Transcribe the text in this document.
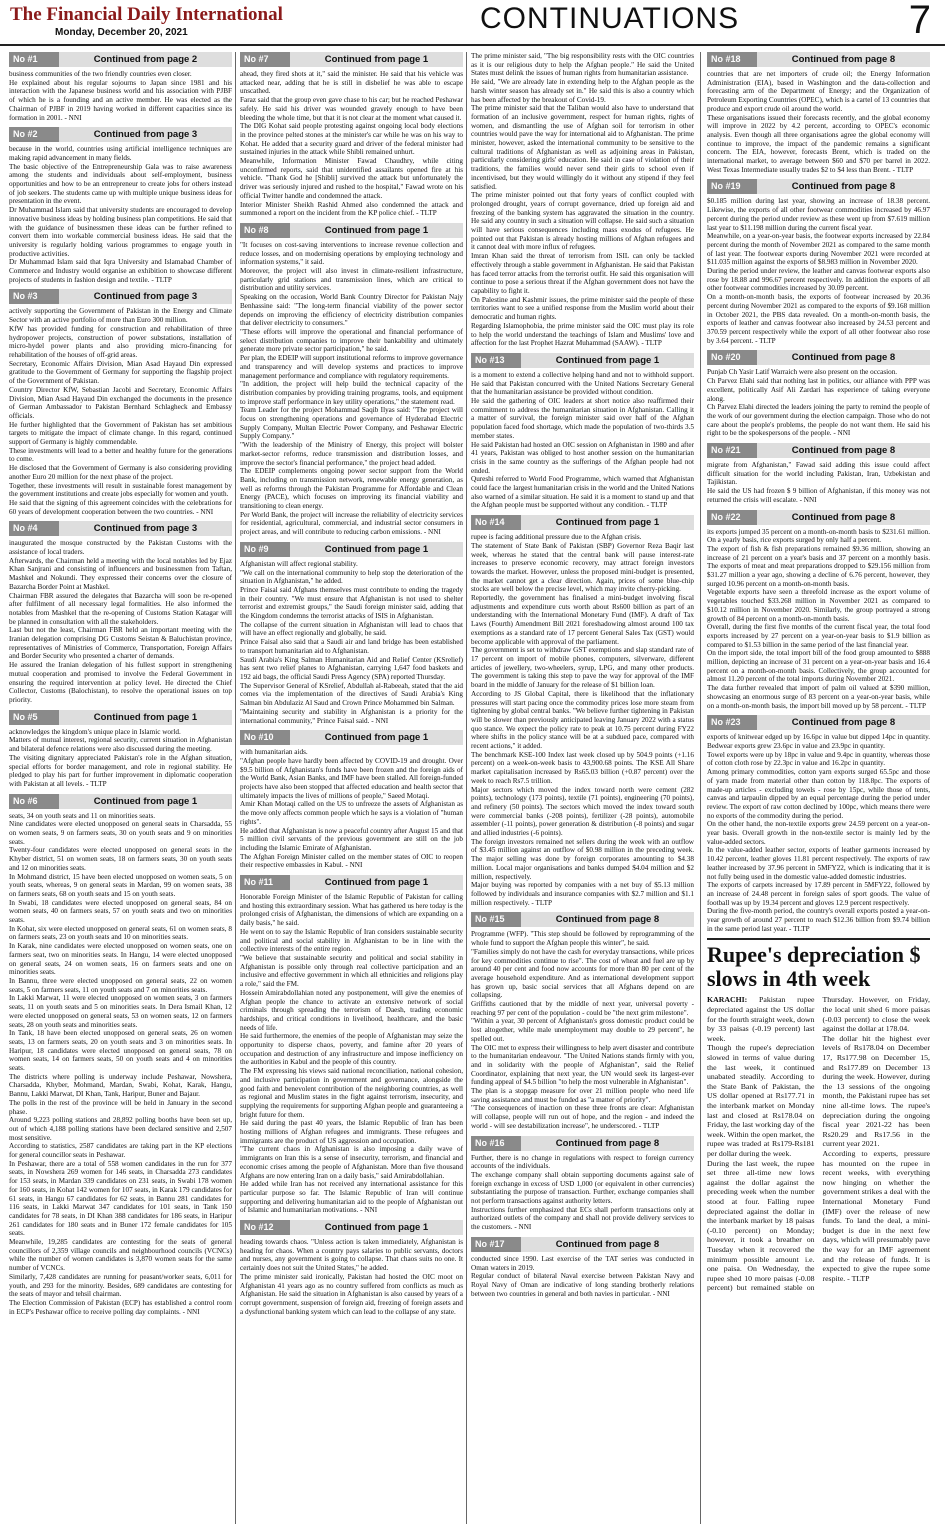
The Financial Daily International
Monday, December 20, 2021	CONTINUATIONS	7
No #1	Continued from page 2

business communities of the two friendly countries even closer.
He explained about his regular sojourns to Japan since 1981 and his interaction with the Japanese business world and his association with PJBF of which he is a founding and an active member. He was elected as the Chairman of PJBF in 2019 having worked in different capacities since its formation in 2001. - NNI

No #2	Continued from page 3

because in the world, countries using artificial intelligence techniques are making rapid advancement in many fields.
The basic objective of the Entrepreneurship Gala was to raise awareness among the students and individuals about self-employment, business opportunities and how to be an entrepreneur to create jobs for others instead of job seekers. The students came up with multiple unique business ideas for presentation in the event.
Dr Muhammad Islam said that university students are encouraged to develop innovative business ideas by holding business plan competitions. He said that with the guidance of businessmen these ideas can be further refined to convert them into workable commercial business ideas. He said that the university is regularly holding various programmes to engage youth in productive activities.
Dr Muhammad Islam said that Iqra University and Islamabad Chamber of Commerce and Industry would organise an exhibition to showcase different projects of students in fashion design and textile. - TLTP

No #3	Continued from page 3

actively supporting the Government of Pakistan in the Energy and Climate Sector with an active portfolio of more than Euro 300 million.
KfW has provided funding for construction and rehabilitation of three hydropower projects, construction of power substations, installation of micro-hydel power plants and also providing micro-financing for rehabilitation of the houses of off-grid areas.
Secretary, Economic Affairs Division, Mian Asad Hayaud Din expressed gratitude to the Government of Germany for supporting the flagship project of the Government of Pakistan.
Country Director KfW, Sebastian Jacobi and Secretary, Economic Affairs Division, Mian Asad Hayaud Din exchanged the documents in the presence of German Ambassador to Pakistan Bernhard Schlagheck and Embassy officials.
He further highlighted that the Government of Pakistan has set ambitious targets to mitigate the impact of climate change. In this regard, continued support of Germany is highly commendable.
These investments will lead to a better and healthy future for the generations to come.
He disclosed that the Government of Germany is also considering providing another Euro 20 million for the next phase of the project.
Together, these investments will result in sustainable forest management by the government institutions and create jobs especially for women and youth.
He said that the signing of this agreement coincides with the celebrations for 60 years of development cooperation between the two countries. - NNI

No #4	Continued from page 3

inaugurated the mosque constructed by the Pakistan Customs with the assistance of local traders.
Afterwards, the Chairman held a meeting with the local notables led by Ejaz Khan Sanjrani and consisting of influencers and businessmen from Taftan, Mashkel and Nokundi. They expressed their concerns over the closure of Bazarcha Border Point at Mashkel.
Chairman FBR assured the delegates that Bazarcha will soon be re-opened after fulfilment of all necessary legal formalities. He also informed the notables from Mashkel that the re-opening of Customs Station Katagar will be planned in consultation with all the stakeholders.
Last but not the least, Chairman FBR held an important meeting with the Iranian delegation comprising DG Customs Seistan & Baluchistan province, representatives of Ministries of Commerce, Transportation, Foreign Affairs and Border Security who presented a charter of demands.
He assured the Iranian delegation of his fullest support in strengthening mutual cooperation and promised to involve the Federal Government in ensuring the required intervention at policy level. He directed the Chief Collector, Customs (Balochistan), to resolve the operational issues on top priority.

No #5	Continued from page 1

acknowledges the kingdom's unique place in Islamic world.
Matters of mutual interest, regional security, current situation in Afghanistan and bilateral defence relations were also discussed during the meeting.
The visiting dignitary appreciated Pakistan's role in the Afghan situation, special efforts for border management, and role in regional stability. He pledged to play his part for further improvement in diplomatic cooperation with Pakistan at all levels. - TLTP

No #6	Continued from page 1

seats, 34 on youth seats and 11 on minorities seats.
Nine candidates were elected unopposed on general seats in Charsadda, 55 on women seats, 9 on farmers seats, 30 on youth seats and 9 on minorities seats.
Twenty-four candidates were elected unopposed on general seats in the Khyber district, 51 on women seats, 18 on farmers seats, 30 on youth seats and 12 on minorities seats.
In Mohmand district, 15 have been elected unopposed on women seats, 5 on youth seats, whereas, 9 on general seats in Mardan, 99 on women seats, 38 on farmers seats, 68 on youth seats and 15 on youth seats.
In Swabi, 18 candidates were elected unopposed on general seats, 84 on women seats, 40 on farmers seats, 57 on youth seats and two on minorities seats.
In Kohat, six were elected unopposed on general seats, 61 on women seats, 8 on farmers seats, 23 on youth seats and 10 on minorities seats.
In Karak, nine candidates were elected unopposed on women seats, one on farmers seat, two on minorities seats. In Hangu, 14 were elected unopposed on general seats, 24 on women seats, 16 on farmers seats and one on minorities seats.
In Bannu, three were elected unopposed on general seats, 22 on women seats, 5 on farmers seats, 11 on youth seats and 7 on minorities seats.
In Lakki Marwat, 11 were elected unopposed on women seats, 3 on farmers seats, 11 on youth seats and 5 on minorities seats. In Dera Ismail Khan, 12 were elected unopposed on general seats, 53 on women seats, 12 on farmers seats, 28 on youth seats and minorities seats.
In Tank, 18 have been elected unopposed on general seats, 26 on women seats, 13 on farmers seats, 20 on youth seats and 3 on minorities seats. In Haripur, 18 candidates were elected unopposed on general seats, 78 on women seats, 14 on farmers seats, 50 on youth seats and 4 on minorities seats.
The districts where polling is underway include Peshawar, Nowshera, Charsadda, Khyber, Mohmand, Mardan, Swabi, Kohat, Karak, Hangu, Bannu, Lakki Marwat, DI Khan, Tank, Haripur, Buner and Bajaur.
The polls in the rest of the province will be held in January in the second phase.
Around 9,223 polling stations and 28,892 polling booths have been set up, out of which 4,188 polling stations have been declared sensitive and 2,507 most sensitive.
According to statistics, 2587 candidates are taking part in the KP elections for general councillor seats in Peshawar.
In Peshawar, there are a total of 558 women candidates in the run for 377 seats, in Nowshera 269 women for 146 seats, in Charsadda 273 candidates for 153 seats, in Mardan 339 candidates on 231 seats, in Swabi 178 women for 160 seats, in Kohat 142 women for 107 seats, in Karak 179 candidates for 61 seats, in Hangu 67 candidates for 62 seats, in Bannu 281 candidates for 116 seats, in Lakki Marwat 347 candidates for 101 seats, in Tank 150 candidates for 78 seats, in DI Khan 388 candidates for 186 seats, in Haripur 261 candidates for 180 seats and in Buner 172 female candidates for 105 seats.
Meanwhile, 19,285 candidates are contesting for the seats of general councillors of 2,359 village councils and neighbourhood councils (VCNCs) while the number of women candidates is 3,870 women seats for the same number of VCNCs.
Similarly, 7,428 candidates are running for peasant/worker seats, 6,011 for youth, and 293 for the minority. Besides, 689 candidates are contesting for the seats of mayor and tehsil chairman.
The Election Commission of Pakistan (ECP) has established a control room in ECP's Peshawar office to receive polling day complaints. - NNI

No #7	Continued from page 1

ahead, they fired shots at it," said the minister. He said that his vehicle was attacked near, adding that he is still in disbelief he was able to escape unscathed.
Faraz said that the group even gave chase to his car; but he reached Peshawar safely. He said his driver was wounded gravely enough to have been bleeding the whole time, but that it is not clear at the moment what caused it.
The DIG Kohat said people protesting against ongoing local body elections in the province pelted stones at the minister's car while he was on his way to Kohat. He added that a security guard and driver of the federal minister had sustained injuries in the attack while Shibli remained unhurt.
Meanwhile, Information Minister Fawad Chaudhry, while citing unconfirmed reports, said that unidentified assailants opened fire at his vehicle. "Thank God he [Shibli] survived the attack but unfortunately the driver was seriously injured and rushed to the hospital," Fawad wrote on his official Twitter handle and condemned the attack.
Interior Minister Sheikh Rashid Ahmed also condemned the attack and summoned a report on the incident from the KP police chief. - TLTP

No #8	Continued from page 1

"It focuses on cost-saving interventions to increase revenue collection and reduce losses, and on modernising operations by employing technology and information systems," it said.
Moreover, the project will also invest in climate-resilient infrastructure, particularly grid stations and transmission lines, which are critical to distribution and utility services.
Speaking on the occasion, World Bank Country Director for Pakistan Najy Benhassine said: "The long-term financial viability of the power sector depends on improving the efficiency of electricity distribution companies that deliver electricity to consumers."
"These efforts will improve the operational and financial performance of select distribution companies to improve their bankability and ultimately generate more private sector participation," he said.
Per plan, the EDEIP will support institutional reforms to improve governance and transparency and will develop systems and practices to improve management performance and compliance with regulatory requirements.
"In addition, the project will help build the technical capacity of the distribution companies by providing training programs, tools, and equipment to improve staff performance in key utility operations," the statement read.
Team Leader for the project Mohammad Saqib Ilyas said: "The project will focus on strengthening operations and governance of Hyderabad Electric Supply Company, Multan Electric Power Company, and Peshawar Electric Supply Company."
"With the leadership of the Ministry of Energy, this project will bolster market-sector reforms, reduce transmission and distribution losses, and improve the sector's financial performance," the project head added.
The EDEIP complements ongoing power sector support from the World Bank, including on transmission network, renewable energy generation, as well as reforms through the Pakistan Programme for Affordable and Clean Energy (PACE), which focuses on improving its financial viability and transitioning to clean energy.
Per World Bank, the project will increase the reliability of electricity services for residential, agricultural, commercial, and industrial sector consumers in project areas, and will contribute to reducing carbon emissions. - NNI

No #9	Continued from page 1

Afghanistan will affect regional stability.
"We call on the international community to help stop the deterioration of the situation in Afghanistan," he added.
Prince Faisal said Afghans themselves must contribute to ending the tragedy in their country. "We must ensure that Afghanistan is not used to shelter terrorist and extremist groups," the Saudi foreign minister said, adding that the Kingdom condemns the terrorist attacks of ISIS in Afghanistan.
The collapse of the current situation in Afghanistan will lead to chaos that will have an effect regionally and globally, he said.
Prince Faisal also said that a Saudi air and land bridge has been established to transport humanitarian aid to Afghanistan.
Saudi Arabia's King Salman Humanitarian Aid and Relief Center (KSrelief) has sent two relief planes to Afghanistan, carrying 1,647 food baskets and 192 aid bags, the official Saudi Press Agency (SPA) reported Thursday.
The Supervisor General of KSrelief, Abdullah al-Rabeeah, stated that the aid comes via the implementation of the directives of Saudi Arabia's King Salman bin Abdulaziz Al Saud and Crown Prince Mohammed bin Salman.
"Maintaining security and stability in Afghanistan is a priority for the international community," Prince Faisal said. - NNI

No #10	Continued from page 1

with humanitarian aids.
"Afghan people have hardly been affected by COVID-19 and drought. Over $9.5 billion of Afghanistan's funds have been frozen and the foreign aids of the World Bank, Asian Banks, and IMF have been stalled. All foreign-funded projects have also been stopped that affected education and health sector that ultimately impacts the lives of millions of people," Saeed Motaqi.
Amir Khan Motaqi called on the US to unfreeze the assets of Afghanistan as the move only affects common people which he says is a violation of "human rights".
He added that Afghanistan is now a peaceful country after August 15 and that 5 million civil servants of the previous government are still on the job including the Islamic Emirate of Afghanistan.
The Afghan Foreign Minister called on the member states of OIC to reopen their respective embassies in Kabul. - NNI

No #11	Continued from page 1

Honorable Foreign Minister of the Islamic Republic of Pakistan for calling and hosting this extraordinary session. What has gathered us here today is the prolonged crisis of Afghanistan, the dimensions of which are expanding on a daily basis," he said.
He went on to say the Islamic Republic of Iran considers sustainable security and political and social stability in Afghanistan to be in line with the collective interests of the entire region.
"We believe that sustainable security and political and social stability in Afghanistan is possible only through real collective participation and an inclusive and effective government in which all ethnicities and religions play a role," said the FM.
Hossein Amirabdollahian noted any postponement, will give the enemies of Afghan people the chance to activate an extensive network of social criminals through spreading the terrorism of Daesh, trading economic hardships, and critical conditions in livelihood, healthcare, and the basic needs of life.
He said furthermore, the enemies of the people of Afghanistan may seize the opportunity to disperse chaos, poverty, and famine after 20 years of occupation and destruction of any infrastructure and impose inefficiency on the authorities in Kabul and the people of this country.
The FM expressing his views said national reconciliation, national cohesion, and inclusive participation in government and governance, alongside the good faith and benevolent contribution of the neighboring countries, as well as regional and Muslim states in the fight against terrorism, insecurity, and supplying the requirements for supporting Afghan people and guaranteeing a bright future for them.
He said during the past 40 years, the Islamic Republic of Iran has been hosting millions of Afghan refugees and immigrants. These refugees and immigrants are the product of US aggression and occupation.
"The current chaos in Afghanistan is also imposing a daily wave of immigrants on Iran this is a sense of insecurity, terrorism, and financial and economic crises among the people of Afghanistan. More than five thousand Afghans are now entering Iran on a daily basis," said Amirabdollahian.
He added while Iran has not received any international assistance for this particular purpose so far. The Islamic Republic of Iran will continue supporting and delivering humanitarian aid to the people of Afghanistan out of Islamic and humanitarian motivations. - NNI

No #12	Continued from page 1

heading towards chaos. "Unless action is taken immediately, Afghanistan is heading for chaos. When a country pays salaries to public servants, doctors and nurses, any government is going to collapse. That chaos suits no one. It certainly does not suit the United States," he added.
The prime minister said ironically, Pakistan had hosted the OIC moot on Afghanistan 41 years ago as no country suffered from conflicts as much as Afghanistan. He said the situation in Afghanistan is also caused by years of a corrupt government, suspension of foreign aid, freezing of foreign assets and a dysfunctional banking system which can lead to the collapse of any state.

The prime minister said, "The big responsibility rests with the OIC countries as it is our religious duty to help the Afghan people." He said the United States must delink the issues of human rights from humanitarian assistance.
He said, "We are already late in extending help to the Afghan people as the harsh winter season has already set in." He said this is also a country which has been affected by the breakout of Covid-19.
The prime minister said that the Taliban would also have to understand that formation of an inclusive government, respect for human rights, rights of women, and dismantling the use of Afghan soil for terrorism in other countries would pave the way for international aid to Afghanistan. The prime minister, however, asked the international community to be sensitive to the cultural traditions of Afghanistan as well as adjoining areas in Pakistan, particularly considering girls' education. He said in case of violation of their traditions, the families would never send their girls to school even if incentivised, but they would willingly do it without any stipend if they feel satisfied.
The prime minister pointed out that forty years of conflict coupled with prolonged drought, years of corrupt governance, dried up foreign aid and freezing of the banking system has aggravated the situation in the country. He said any country in such a situation will collapse. He said such a situation will have serious consequences including mass exodus of refugees. He pointed out that Pakistan is already hosting millions of Afghan refugees and it cannot deal with more influx of refugees.
Imran Khan said the threat of terrorism from ISIL can only be tackled effectively through a stable government in Afghanistan. He said that Pakistan has faced terror attacks from the terrorist outfit. He said this organisation will continue to pose a serious threat if the Afghan government does not have the capability to fight it.
On Palestine and Kashmir issues, the prime minister said the people of these territories want to see a unified response from the Muslim world about their democratic and human rights.
Regarding Islamophobia, the prime minister said the OIC must play its role to help the world understand the teachings of Islam and Muslims' love and affection for the last Prophet Hazrat Muhammad (SAAW). - TLTP

No #13	Continued from page 1

is a moment to extend a collective helping hand and not to withhold support. He said that Pakistan concurred with the United Nations Secretary General that the humanitarian assistance be provided without condition.
He said the gathering of OIC leaders at short notice also reaffirmed their commitment to address the humanitarian situation in Afghanistan. Calling it a matter of survival, the foreign minister said over half of the Afghan population faced food shortage, which made the population of two-thirds 3.5 member states.
He said Pakistan had hosted an OIC session on Afghanistan in 1980 and after 41 years, Pakistan was obliged to host another session on the humanitarian crisis in the same country as the sufferings of the Afghan people had not ended.
Qureshi referred to World Food Programme, which warned that Afghanistan could face the largest humanitarian crisis in the world and the United Nations also warned of a similar situation. He said it is a moment to stand up and that the Afghan people must be supported without any condition. - TLTP

No #14	Continued from page 1

rupee is facing additional pressure due to the Afghan crisis.
The statement of State Bank of Pakistan (SBP) Governor Reza Baqir last week, whereas he stated that the central bank will pause interest-rate increases to preserve economic recovery, may attract foreign investors towards the market. However, unless the proposed mini-budget is presented, the market cannot get a clear direction. Again, prices of some blue-chip stocks are well below the precise level, which may invite cherry-picking.
Reportedly, the government has finalised a mini-budget involving fiscal adjustments and expenditure cuts worth about Rs600 billion as part of an understanding with the International Monetary Fund (IMF). A draft of Tax Laws (Fourth) Amendment Bill 2021 foreshadowing almost around 100 tax exemptions as a standard rate of 17 percent General Sales Tax (GST) would become applicable with approval of the parliament.
The government is set to withdraw GST exemptions and slap standard rate of 17 percent on import of mobile phones, computers, silverware, different articles of jewellery, two-wheelers, syrup, LPG, and many other products. The government is taking this step to pave the way for approval of the IMF board in the middle of January for the release of $1 billion loan.
According to JS Global Capital, there is likelihood that the inflationary pressures will start pacing once the commodity prices lose more steam from tightening by global central banks. "We believe further tightening in Pakistan will be slower than previously anticipated leaving January 2022 with a status quo stance. We expect the policy rate to peak at 10.75 percent during FY22 where shifts in the policy stance will be at a subdued pace, compared with recent actions," it added.
The benchmark KSE-100 Index last week closed up by 504.9 points (+1.16 percent) on a week-on-week basis to 43,900.68 points. The KSE All Share market capitalisation increased by Rs65.03 billion (+0.87 percent) over the week to reach Rs7.5 trillion.
Major sectors which moved the index toward north were cement (282 points), technology (173 points), textile (71 points), engineering (70 points), and refinery (50 points). The sectors which moved the index toward south were commercial banks (-208 points), fertilizer (-28 points), automobile assembler (-11 points), power generation & distribution (-8 points) and sugar and allied industries (-6 points).
The foreign investors remained net sellers during the week with an outflow of $3.45 million against an outflow of $0.98 million in the preceding week. The major selling was done by foreign corporates amounting to $4.38 million. Local major organisations and banks dumped $4.04 million and $2 million, respectively.
Major buying was reported by companies with a net buy of $5.13 million followed by individuals and insurance companies with $2.7 million and $1.1 million respectively. - TLTP

No #15	Continued from page 8

Programme (WFP). "This step should be followed by reprogramming of the whole fund to support the Afghan people this winter", he said.
"Families simply do not have the cash for everyday transactions, while prices for key commodities continue to rise". The cost of wheat and fuel are up by around 40 per cent and food now accounts for more than 80 per cent of the average household expenditure. And as international development support has grown up, basic social services that all Afghans depend on are collapsing.
Griffiths cautioned that by the middle of next year, universal poverty - reaching 97 per cent of the population - could be "the next grim milestone".
"Within a year, 30 percent of Afghanistan's gross domestic product could be lost altogether, while male unemployment may double to 29 percent", he spelled out.
The OIC met to express their willingness to help avert disaster and contribute to the humanitarian endeavour. "The United Nations stands firmly with you, and in solidarity with the people of Afghanistan", said the Relief Coordinator, explaining that next year, the UN would seek its largest-ever funding appeal of $4.5 billion "to help the most vulnerable in Afghanistan".
The plan is a stopgap measure for over 21 million people who need life saving assistance and must be funded as "a matter of priority".
"The consequences of inaction on these three fronts are clear: Afghanistan will collapse, people will run out of hope, and the region - and indeed the world - will see destabilization increase", he underscored. - TLTP

No #16	Continued from page 8

Further, there is no change in regulations with respect to foreign currency accounts of the individuals.
The exchange company shall obtain supporting documents against sale of foreign exchange in excess of USD 1,000 (or equivalent in other currencies) substantiating the purpose of transaction. Further, exchange companies shall not perform transactions against authority letters.
Instructions further emphasized that ECs shall perform transactions only at authorized outlets of the company and shall not provide delivery services to the customers. - NNI

No #17	Continued from page 8

conducted since 1990. Last exercise of the TAT series was conducted in Oman waters in 2019.
Regular conduct of bilateral Naval exercise between Pakistan Navy and Royal Navy of Oman are indicative of long standing brotherly relations between two countries in general and both navies in particular. - NNI

No #18	Continued from page 8

countries that are net importers of crude oil; the Energy Information Administration (EIA), based in Washington and the data-collection and forecasting arm of the Department of Energy; and the Organization of Petroleum Exporting Countries (OPEC), which is a cartel of 13 countries that produce and export crude oil around the world.
These organisations issued their forecasts recently, and the global economy will improve in 2022 by 4.2 percent, according to OPEC's economic analysis. Even though all three organisations agree the global economy will continue to improve, the impact of the pandemic remains a significant concern. The EIA, however, forecasts Brent, which is traded on the international market, to average between $60 and $70 per barrel in 2022. West Texas Intermediate usually trades $2 to $4 less than Brent. - TLTP

No #19	Continued from page 8

$0.185 million during last year, showing an increase of 18.38 percent. Likewise, the exports of all other footwear commodities increased by 46.97 percent during the period under review as these went up from $7.619 million last year to $11.198 million during the current fiscal year.
Meanwhile, on a year-on-year basis, the footwear exports increased by 22.84 percent during the month of November 2021 as compared to the same month of last year. The footwear exports during November 2021 were recorded at $11.035 million against the exports of $8.983 million in November 2020.
During the period under review, the leather and canvas footwear exports also rose by 18.88 and 996.67 percent respectively. In addition the exports of all other footwear commodities increased by 30.09 percent.
On a month-on-month basis, the exports of footwear increased by 20.36 percent during November 2021 as compared to the exports of $9.168 million in October 2021, the PBS data revealed. On a month-on-month basis, the exports of leather and canvas footwear also increased by 24.53 percent and 370.59 percent respectively while the export of all other footwear also rose by 3.64 percent. - TLTP

No #20	Continued from page 8

Punjab Ch Yasir Latif Warraich were also present on the occasion.
Ch Parvez Elahi said that nothing last in politics, our alliance with PPP was excellent, politically Asif Ali Zardari has experience of taking everyone along.
Ch Parvez Elahi directed the leaders joining the party to remind the people of the work of our government during the election campaign. Those who do not care about the people's problems, the people do not want them. He said his right to be the spokespersons of the people. - NNI

No #21	Continued from page 8

migrate from Afghanistan," Fawad said adding this issue could affect difficult situation for the world including Pakistan, Iran, Uzbekistan and Tajikistan.
He said the US had frozen $ 9 billion of Afghanistan, if this money was not returned the crisis will escalate. - NNI

No #22	Continued from page 8

its exports jumped 35 percent on a month-on-month basis to $231.61 million. On a yearly basis, rice exports surged by only half a percent.
The export of fish & fish preparations remained $9.36 million, showing an increase of 21 percent on a year's basis and 37 percent on a monthly basis. The exports of meat and meat preparations dropped to $29.156 million from $31.27 million a year ago, showing a decline of 6.76 percent, however, they surged 10.96 percent on a month-on-month basis.
Vegetable exports have seen a threefold increase as the export volume of vegetables touched $33.268 million in November 2021 as compared to $10.12 million in November 2020. Similarly, the group portrayed a strong growth of 84 percent on a month-on-month basis.
Overall, during the first five months of the current fiscal year, the total food exports increased by 27 percent on a year-on-year basis to $1.9 billion as compared to $1.53 billion in the same period of the last financial year.
On the import side, the total import bill of the food group amounted to $888 million, depicting an increase of 31 percent on a year-on-year basis and 16.4 percent on a month-on-month basis. Collectively, the group accounted for almost 11.20 percent of the total imports during November 2021.
The data further revealed that import of palm oil valued at $390 million, showcasing an enormous surge of 83 percent on a year-on-year basis, while on a month-on-month basis, the import bill moved up by 58 percent. - TLTP

No #23	Continued from page 8

exports of knitwear edged up by 16.6pc in value but dipped 14pc in quantity. Bedwear exports grew 23.6pc in value and 23.9pc in quantity.
Towel exports were up by 18pc in value and 9.4pc in quantity, whereas those of cotton cloth rose by 22.3pc in value and 16.2pc in quantity.
Among primary commodities, cotton yarn exports surged 65.5pc and those of yarn made from material other than cotton by 118.8pc. The exports of made-up articles - excluding towels - rose by 15pc, while those of tents, canvas and tarpaulin dipped by an equal percentage during the period under review. The export of raw cotton declined by 100pc, which means there were no exports of the commodity during the period.
On the other hand, the non-textile exports grew 24.59 percent on a year-on-year basis. Overall growth in the non-textile sector is mainly led by the value-added sectors.
In the value-added leather sector, exports of leather garments increased by 10.42 percent, leather gloves 11.81 percent respectively. The exports of raw leather increased by 37.96 percent in 5MFY22, which is indicating that it is not fully being used in the domestic value-added domestic industries.
The exports of carpets increased by 17.89 percent in 5MFY22, followed by an increase of 24.48 percent in foreign sales of sport goods. The value of football was up by 19.34 percent and gloves 12.9 percent respectively.
During the five-month period, the country's overall exports posted a year-on-year growth of around 27 percent to reach $12.36 billion from $9.74 billion in the same period last year. - TLTP

Rupee's depreciation $ slows in 4th week

KARACHI: Pakistan rupee depreciated against the US dollar for the fourth straight week, down by 33 paisas (-0.19 percent) last week.
Though the rupee's depreciation slowed in terms of value during the last week, it continued unabated steadily. According to the State Bank of Pakistan, the US dollar opened at Rs177.71 in the interbank market on Monday last and closed at Rs178.04 on Friday, the last working day of the week. Within the open market, the rupee was traded at Rs179-Rs181 per dollar during the week.
During the last week, the rupee set three all-time new lows against the dollar against the preceding week when the number stood at four. Falling rupee depreciated against the dollar in the interbank market by 18 paisas (-0.10 percent) on Monday; however, it took a breather on Tuesday when it recovered the minimum possible amount i.e. one paisa. On Wednesday, the rupee shed 10 more paisas (-0.08 percent) but remained stable on Thursday. However, on Friday, the local unit shed 6 more paisas (-0.03 percent) to close the week against the dollar at 178.04.
The dollar hit the highest ever levels of Rs178.04 on December 17, Rs177.98 on December 15, and Rs177.89 on December 13 during the week. However, during the 13 sessions of the ongoing month, the Pakistani rupee has set nine all-time lows. The rupee's depreciation during the ongoing fiscal year 2021-22 has been Rs20.29 and Rs17.56 in the current year 2021.
According to experts, pressure has mounted on the rupee in recent weeks, with everything now hinging on whether the government strikes a deal with the International Monetary Fund (IMF) over the release of new funds. To land the deal, a mini-budget is due in the next few days, which will presumably pave the way for an IMF agreement and the release of funds. It is expected to give the rupee some respite. - TLTP
